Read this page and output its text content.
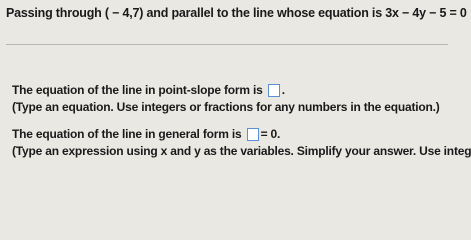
Passing through ( − 4,7) and parallel to the line whose equation is 3x − 4y − 5 = 0
The equation of the line in point-slope form is .
(Type an equation. Use integers or fractions for any numbers in the equation.)
The equation of the line in general form is = 0.
(Type an expression using x and y as the variables. Simplify your answer. Use integ
